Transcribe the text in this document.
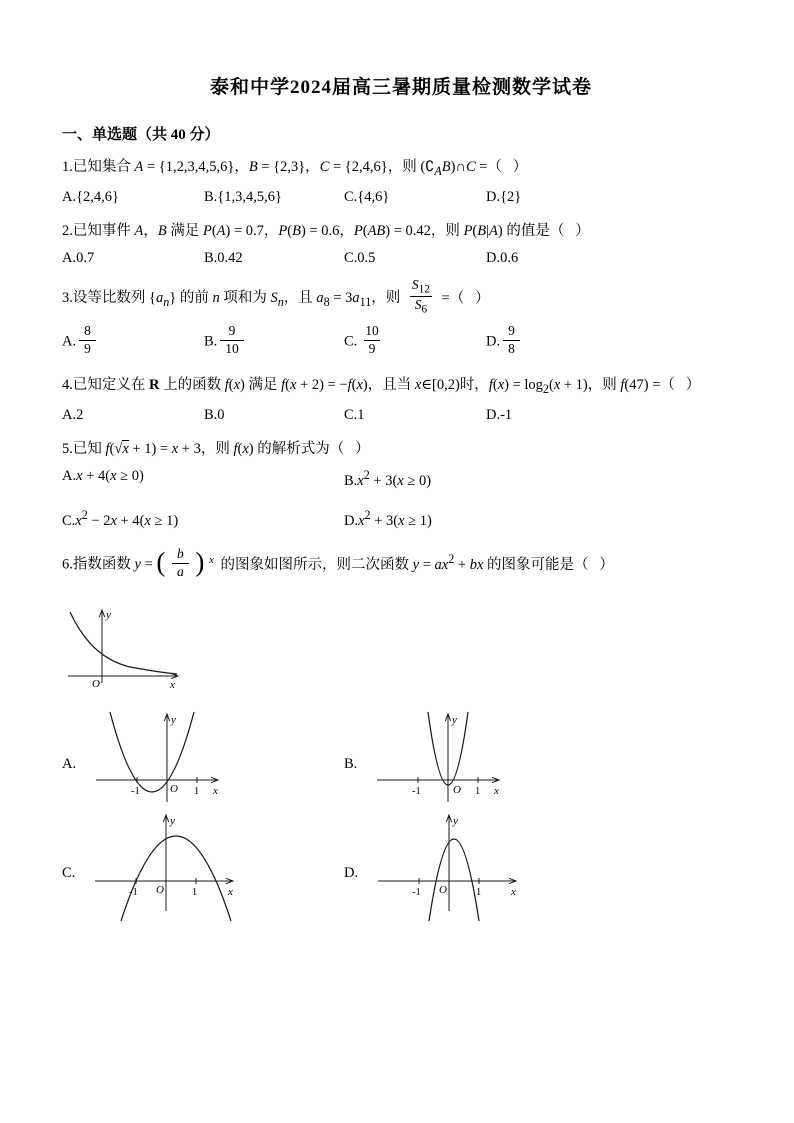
泰和中学2024届高三暑期质量检测数学试卷
一、单选题（共 40 分）

1.已知集合 A = {1,2,3,4,5,6}，B = {2,3}，C = {2,4,6}，则 $(∁_AB)\cap C$ =（   ）

A.{2,4,6}	B.{1,3,4,5,6}	C.{4,6}	D.{2}

2.已知事件 A，B 满足 P(A) = 0.7，P(B) = 0.6，P(AB) = 0.42，则 P(B|A) 的值是（   ）

A.0.7	B.0.42	C.0.5	D.0.6

3.设等比数列 $\{a_n\}$ 的前 n 项和为 $S_n$，且 $a_8 = 3a_{11}$，则 $\frac{S_{12}}{S_6}$ =（   ）

A. $\frac{8}{9}$	B. $\frac{9}{10}$	C. $\frac{10}{9}$	D. $\frac{9}{8}$

4.已知定义在 R 上的函数 f(x) 满足 f(x + 2) = −f(x)，且当 x∈[0,2)时，$f(x) = \log_2(x + 1)$，则 f(47) =（   ）

A.2	B.0	C.1	D.-1

5.已知 f(√x + 1) = x + 3，则 f(x) 的解析式为（   ）

A.x + 4(x ≥ 0)	$B.x^2 + 3(x \ge 0)$
$C.x^2 - 2x + 4(x \ge 1)$	$D.x^2 + 3(x \ge 1)$

6.指数函数 y = ( $\frac{b}{a}$ ) $^x$ 的图象如图所示，则二次函数 $y = ax^2$ + bx 的图象可能是（   ）

y
x
O
A.
-1	1
O
y
x
B.
-1	1
O
y
x
C.
-1	1
O
y
x
D.
-1	1
O
y
x
